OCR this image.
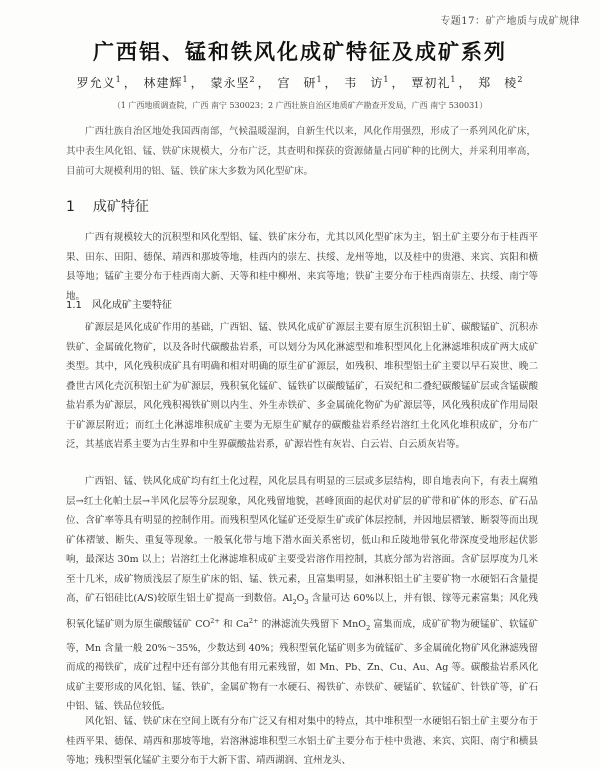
专题17：矿产地质与成矿规律
广西铝、锰和铁风化成矿特征及成矿系列
罗允义$^1$ ， 林建辉$^1$ ， 蒙永坚$^2$ ， 宫　研$^1$ ， 韦　访$^1$ ， 覃初礼$^1$ ， 郑　棱$^2$
（1 广西地质调查院，广西 南宁 530023；2 广西壮族自治区地质矿产勘查开发局，广西 南宁 530031）
广西壮族自治区地处我国西南部，气候温暖湿润，自新生代以来，风化作用强烈，形成了一系列风化矿床，其中表生风化铝、锰、铁矿床规模大，分布广泛，其查明和探获的资源储量占同矿种的比例大，并采利用率高，目前可大规模利用的铝、锰、铁矿床大多数为风化型矿床。
1 成矿特征
广西有规模较大的沉积型和风化型铝、锰、铁矿床分布，尤其以风化型矿床为主，铝土矿主要分布于桂西平果、田东、田阳、德保、靖西和那坡等地，桂西内的崇左、扶绥、龙州等地，以及桂中的贵港、来宾、宾阳和横县等地；锰矿主要分布于桂西南大新、天等和桂中柳州、来宾等地；铁矿主要分布于桂西南崇左、扶绥、南宁等地。
1.1 风化成矿主要特征
矿源层是风化成矿作用的基础，广西铝、锰、铁风化成矿矿源层主要有原生沉积铝土矿、碳酸锰矿、沉积赤铁矿、金属硫化物矿，以及各时代碳酸盐岩系，可以划分为风化淋滤型和堆积型风化上化淋滤堆积成矿两大成矿类型。其中，风化残积成矿具有明确和相对明确的原生矿矿源层，如残积、堆积型铝土矿主要以早石炭世、晚二叠世古风化壳沉积铝土矿为矿源层，残积氧化锰矿、锰铁矿以碳酸锰矿，石炭纪和二叠纪碳酸锰矿层或含锰碳酸盐岩系为矿源层，风化残积褐铁矿则以内生、外生赤铁矿、多金属硫化物矿为矿源层等，风化残积成矿作用局限于矿源层附近；而红土化淋滤堆积成矿主要为无原生矿赋存的碳酸盐岩系经岩溶红土化风化堆积成矿，分布广泛，其基底岩系主要为古生界和中生界碳酸盐岩系，矿源岩性有灰岩、白云岩、白云质灰岩等。
广西铝、锰、铁风化成矿均有红土化过程，风化层具有明显的三层或多层结构，即自地表向下，有表土腐殖层→红土化帕土层→半风化层等分层现象，风化残留地貌，甚峰顶面的起伏对矿层的矿带和矿体的形态、矿石品位、含矿率等具有明显的控制作用。而残积型风化锰矿还受原生矿或矿体层控制，并因地层褶皱、断裂等而出现矿体褶皱、断失、重复等现象。一般氧化带与地下潜水面关系密切，低山和丘陵地带氧化带深度受地形起伏影响，最深达 30m 以上；岩溶红土化淋滤堆积成矿主要受岩溶作用控制，其底分部为岩溶面。含矿层厚度为几米至十几米，成矿物质浅层了原生矿床的铝、锰、铁元素，且富集明显，如淋积铝土矿主要矿物一水硬铝石含量提高，矿石铝硅比(A/S)较原生铝土矿提高一到数倍。$Al_2O_3$ 含量可达 60%以上，并有银、镓等元素富集；风化残积氧化锰矿则为原生碳酸锰矿 $CO^{2+}$ 和 $Ca^{2+}$ 的淋滤流失残留下 MnO$_2$ 富集而成，成矿矿物为硬锰矿、软锰矿等，Mn 含量一般 20%～35%，少数达到 40%；残积型氧化锰矿则多为硫锰矿、多金属硫化物矿风化淋滤残留而成的褐铁矿，成矿过程中还有部分其他有用元素残留，如 Mn、Pb、Zn、Cu、Au、Ag 等。碳酸盐岩系风化成矿主要形成的风化铝、锰、铁矿，金属矿物有一水硬石、褐铁矿、赤铁矿、硬锰矿、软锰矿、针铁矿等，矿石中铝、锰、铁品位较低。
风化铝、锰、铁矿床在空间上既有分布广泛又有相对集中的特点，其中堆积型一水硬铝石铝土矿主要分布于桂西平果、德保、靖西和那坡等地，岩溶淋滤堆积型三水铝土矿主要分布于桂中贵港、来宾、宾阳、南宁和横县等地；残积型氧化锰矿主要分布于大新下雷、靖西湖润、宜州龙头、
